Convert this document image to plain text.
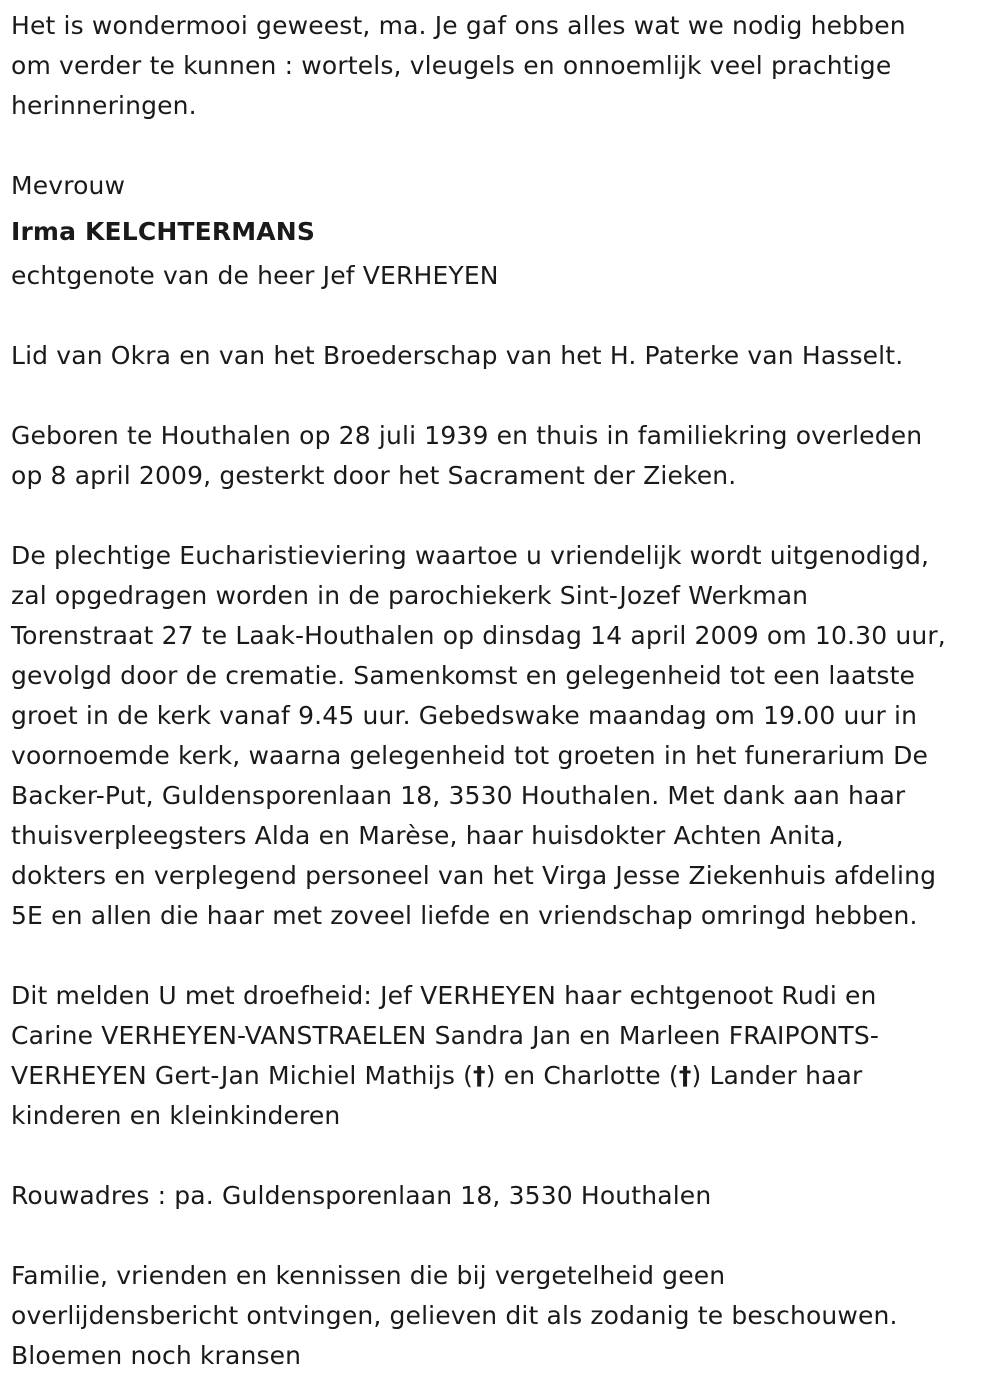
Het is wondermooi geweest, ma. Je gaf ons alles wat we nodig hebben
om verder te kunnen : wortels, vleugels en onnoemlijk veel prachtige
herinneringen.
Mevrouw
Irma KELCHTERMANS
echtgenote van de heer Jef VERHEYEN
Lid van Okra en van het Broederschap van het H. Paterke van Hasselt.
Geboren te Houthalen op 28 juli 1939 en thuis in familiekring overleden
op 8 april 2009, gesterkt door het Sacrament der Zieken.
De plechtige Eucharistieviering waartoe u vriendelijk wordt uitgenodigd,
zal opgedragen worden in de parochiekerk Sint-Jozef Werkman
Torenstraat 27 te Laak-Houthalen op dinsdag 14 april 2009 om 10.30 uur,
gevolgd door de crematie. Samenkomst en gelegenheid tot een laatste
groet in de kerk vanaf 9.45 uur. Gebedswake maandag om 19.00 uur in
voornoemde kerk, waarna gelegenheid tot groeten in het funerarium De
Backer-Put, Guldensporenlaan 18, 3530 Houthalen. Met dank aan haar
thuisverpleegsters Alda en Marèse, haar huisdokter Achten Anita,
dokters en verplegend personeel van het Virga Jesse Ziekenhuis afdeling
5E en allen die haar met zoveel liefde en vriendschap omringd hebben.
Dit melden U met droefheid: Jef VERHEYEN haar echtgenoot Rudi en
Carine VERHEYEN-VANSTRAELEN Sandra Jan en Marleen FRAIPONTS-
VERHEYEN Gert-Jan Michiel Mathijs (†) en Charlotte (†) Lander haar
kinderen en kleinkinderen
Rouwadres : pa. Guldensporenlaan 18, 3530 Houthalen
Familie, vrienden en kennissen die bij vergetelheid geen
overlijdensbericht ontvingen, gelieven dit als zodanig te beschouwen.
Bloemen noch kransen
